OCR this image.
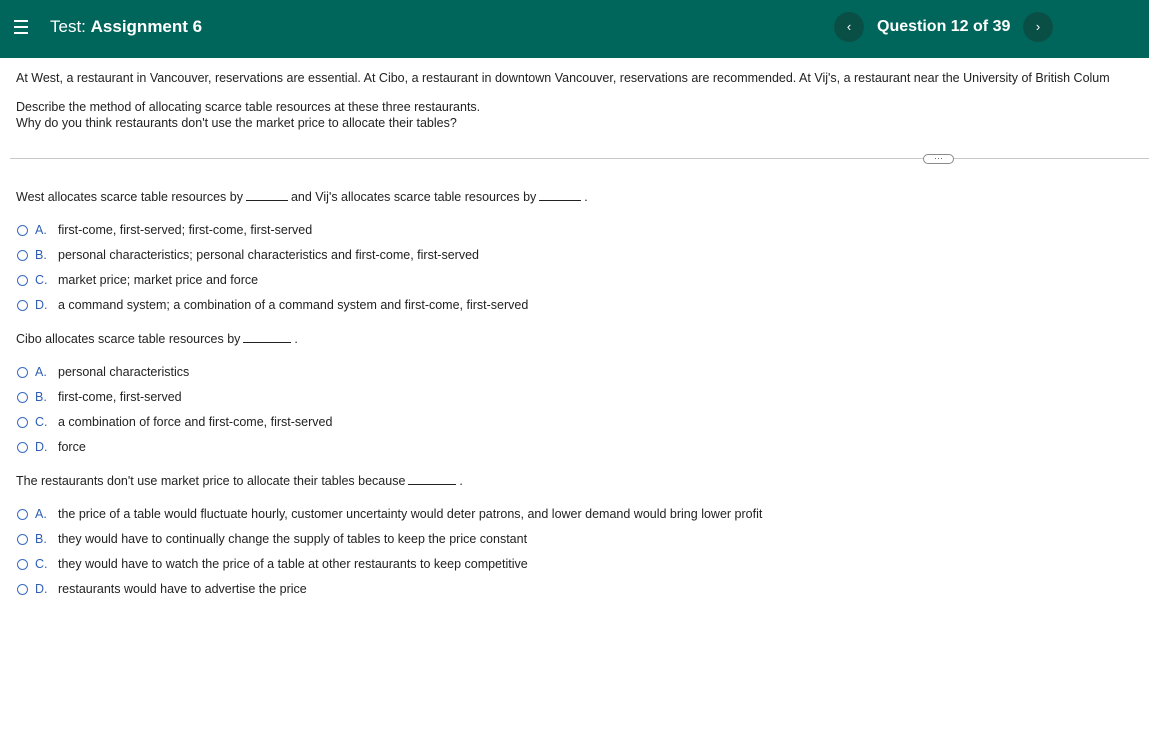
Test: Assignment 6	‹	Question 12 of 39	›
At West, a restaurant in Vancouver, reservations are essential. At Cibo, a restaurant in downtown Vancouver, reservations are recommended. At Vij's, a restaurant near the University of British Colum
Describe the method of allocating scarce table resources at these three restaurants.
Why do you think restaurants don't use the market price to allocate their tables?
···
West allocates scarce table resources by	and Vij's allocates scarce table resources by	.
A. first-come, first-served; first-come, first-served
B. personal characteristics; personal characteristics and first-come, first-served
C. market price; market price and force
D. a command system; a combination of a command system and first-come, first-served
Cibo allocates scarce table resources by	.
A. personal characteristics
B. first-come, first-served
C. a combination of force and first-come, first-served
D. force
The restaurants don't use market price to allocate their tables because	.
A. the price of a table would fluctuate hourly, customer uncertainty would deter patrons, and lower demand would bring lower profit
B. they would have to continually change the supply of tables to keep the price constant
C. they would have to watch the price of a table at other restaurants to keep competitive
D. restaurants would have to advertise the price
